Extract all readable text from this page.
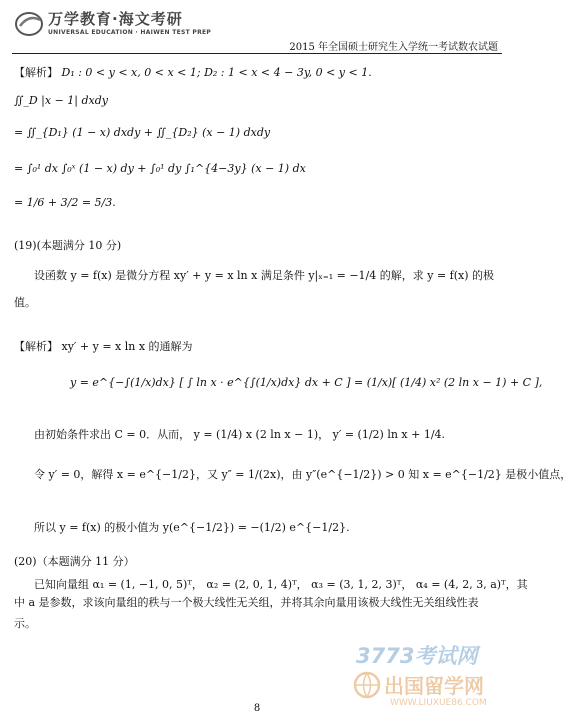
万学教育·海文考研
UNIVERSAL EDUCATION · HAIWEN TEST PREP
2015 年全国硕士研究生入学统一考试数农试题
【解析】 D₁ : 0 < y < x, 0 < x < 1; D₂ : 1 < x < 4 − 3y, 0 < y < 1.
∬_D |x − 1| dxdy
= ∬_{D₁} (1 − x) dxdy + ∬_{D₂} (x − 1) dxdy
= ∫₀¹ dx ∫₀ˣ (1 − x) dy + ∫₀¹ dy ∫₁^{4−3y} (x − 1) dx
= 1/6 + 3/2 = 5/3.
(19)(本题满分 10 分)
设函数 y = f(x) 是微分方程 xy′ + y = x ln x 满足条件 y|ₓ₌₁ = −1/4 的解，求 y = f(x) 的极
值。
【解析】 xy′ + y = x ln x 的通解为
y = e^{−∫(1/x)dx} [ ∫ ln x · e^{∫(1/x)dx} dx + C ] = (1/x)[ (1/4) x² (2 ln x − 1) + C ],
由初始条件求出 C = 0．从而， y = (1/4) x (2 ln x − 1)， y′ = (1/2) ln x + 1/4.
令 y′ = 0，解得 x = e^{−1/2}，又 y″ = 1/(2x)，由 y″(e^{−1/2}) > 0 知 x = e^{−1/2} 是极小值点，
所以 y = f(x) 的极小值为 y(e^{−1/2}) = −(1/2) e^{−1/2}.
(20)（本题满分 11 分）
已知向量组 α₁ = (1, −1, 0, 5)ᵀ， α₂ = (2, 0, 1, 4)ᵀ， α₃ = (3, 1, 2, 3)ᵀ， α₄ = (4, 2, 3, a)ᵀ，其
中 a 是参数，求该向量组的秩与一个极大线性无关组，并将其余向量用该极大线性无关组线性表示。
3773考试网
出国留学网
WWW.LIUXUE86.COM
8
